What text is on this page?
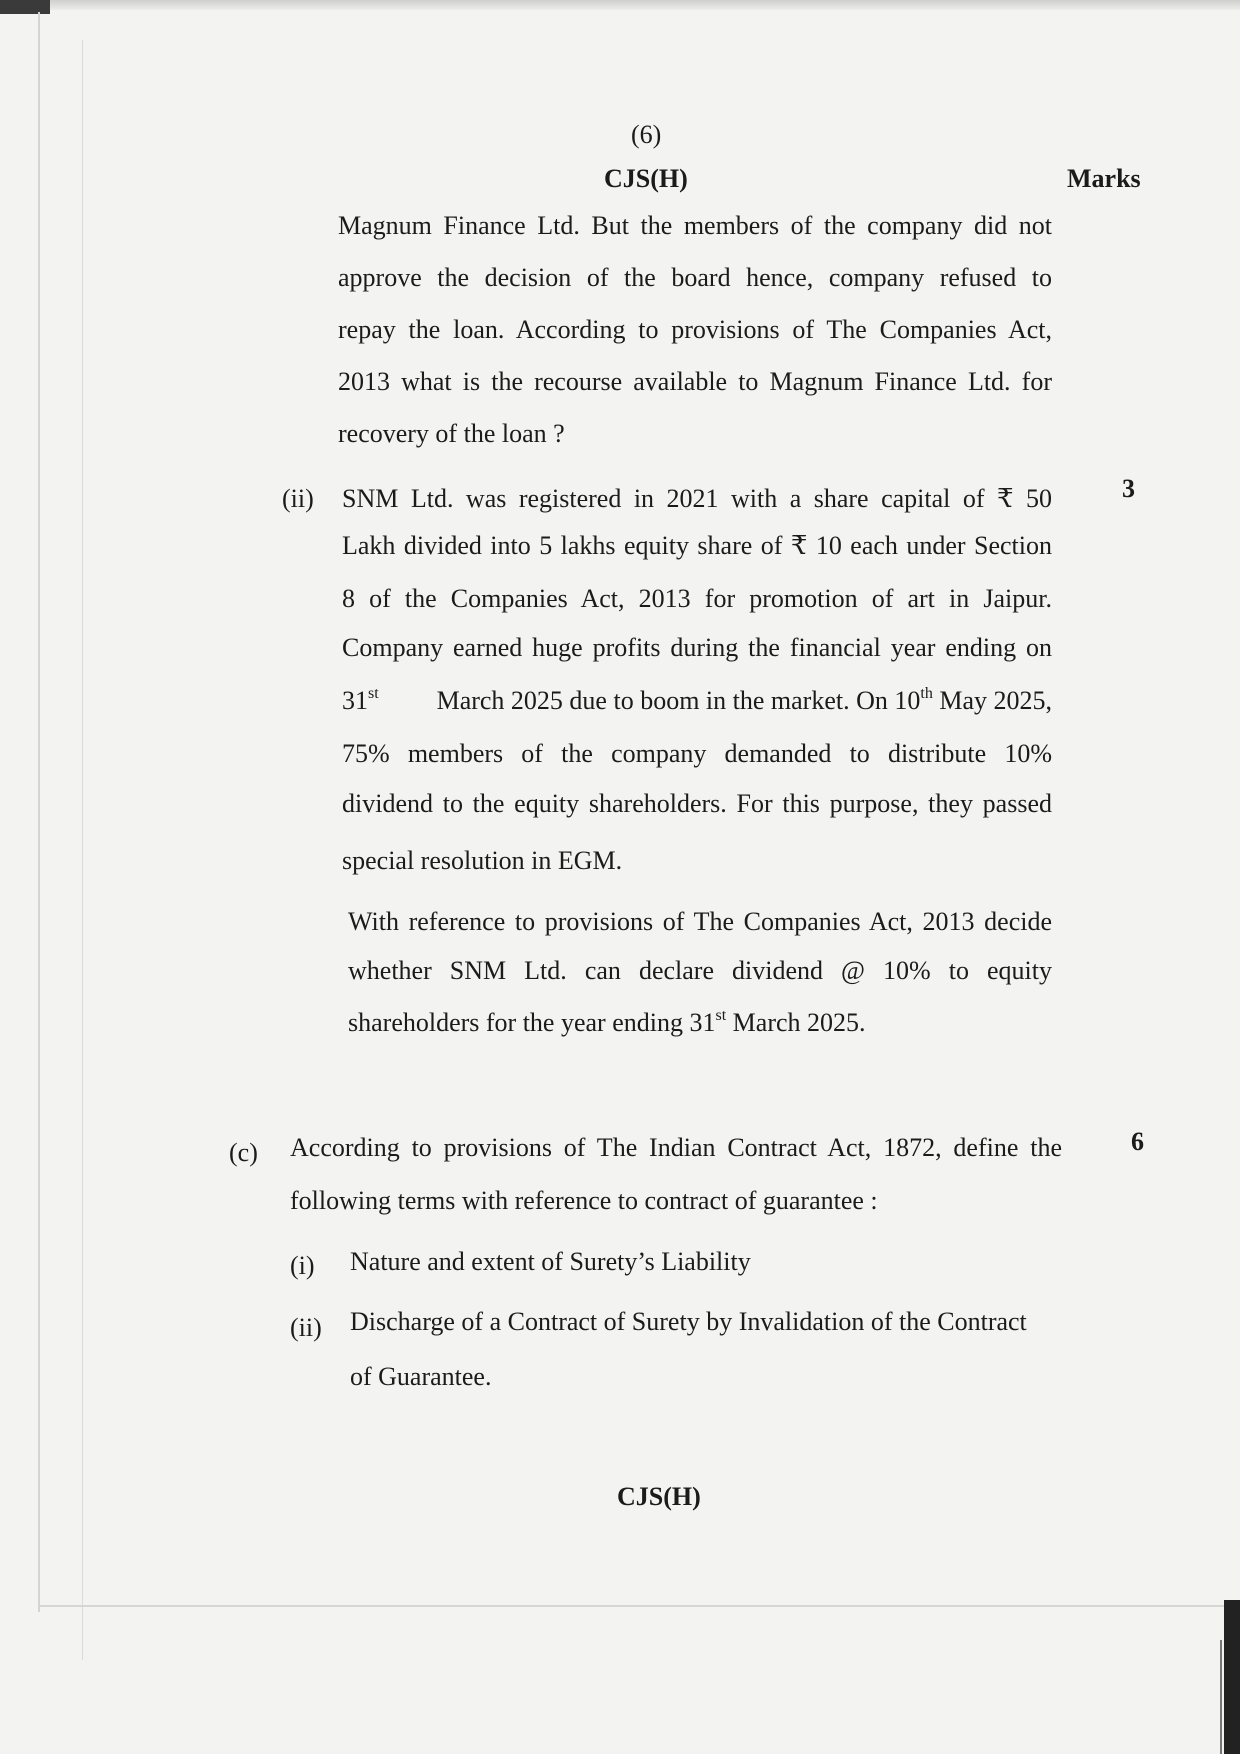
(6)
CJS(H)	Marks
Magnum Finance Ltd. But the members of the company did not
approve the decision of the board hence, company refused to
repay the loan. According to provisions of The Companies Act,
2013 what is the recourse available to Magnum Finance Ltd. for
recovery of the loan ?
(ii)	3
SNM Ltd. was registered in 2021 with a share capital of ₹ 50
Lakh divided into 5 lakhs equity share of ₹ 10 each under Section
8 of the Companies Act, 2013 for promotion of art in Jaipur.
Company earned huge profits during the financial year ending on
31st March 2025 due to boom in the market. On 10th May 2025,
75% members of the company demanded to distribute 10%
dividend to the equity shareholders. For this purpose, they passed
special resolution in EGM.
With reference to provisions of The Companies Act, 2013 decide
whether SNM Ltd. can declare dividend @ 10% to equity
shareholders for the year ending 31st March 2025.
(c)	6
According to provisions of The Indian Contract Act, 1872, define the
following terms with reference to contract of guarantee :
(i) Nature and extent of Surety’s Liability
(ii) Discharge of a Contract of Surety by Invalidation of the Contract
of Guarantee.
CJS(H)
